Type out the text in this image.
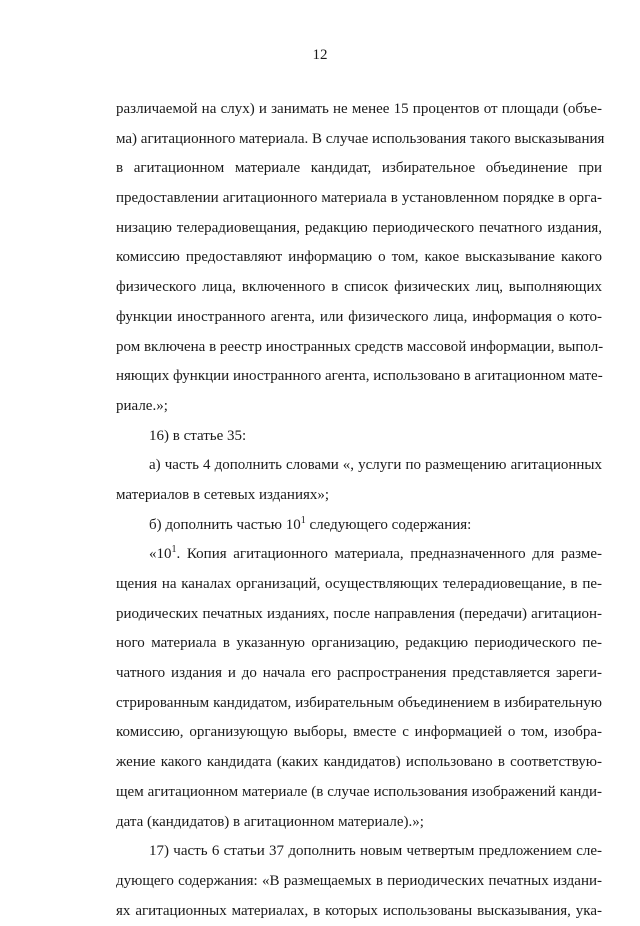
12
различаемой на слух) и занимать не менее 15 процентов от площади (объе-
ма) агитационного материала. В случае использования такого высказывания
в агитационном материале кандидат, избирательное объединение при
предоставлении агитационного материала в установленном порядке в орга-
низацию телерадиовещания, редакцию периодического печатного издания,
комиссию предоставляют информацию о том, какое высказывание какого
физического лица, включенного в список физических лиц, выполняющих
функции иностранного агента, или физического лица, информация о кото-
ром включена в реестр иностранных средств массовой информации, выпол-
няющих функции иностранного агента, использовано в агитационном мате-
риале.»;
16) в статье 35:
а) часть 4 дополнить словами «, услуги по размещению агитационных
материалов в сетевых изданиях»;
б) дополнить частью $10^1$ следующего содержания:
«$10^1$. Копия агитационного материала, предназначенного для разме-
щения на каналах организаций, осуществляющих телерадиовещание, в пе-
риодических печатных изданиях, после направления (передачи) агитацион-
ного материала в указанную организацию, редакцию периодического пе-
чатного издания и до начала его распространения представляется зареги-
стрированным кандидатом, избирательным объединением в избирательную
комиссию, организующую выборы, вместе с информацией о том, изобра-
жение какого кандидата (каких кандидатов) использовано в соответствую-
щем агитационном материале (в случае использования изображений канди-
дата (кандидатов) в агитационном материале).»;
17) часть 6 статьи 37 дополнить новым четвертым предложением сле-
дующего содержания: «В размещаемых в периодических печатных издани-
ях агитационных материалах, в которых использованы высказывания, ука-
